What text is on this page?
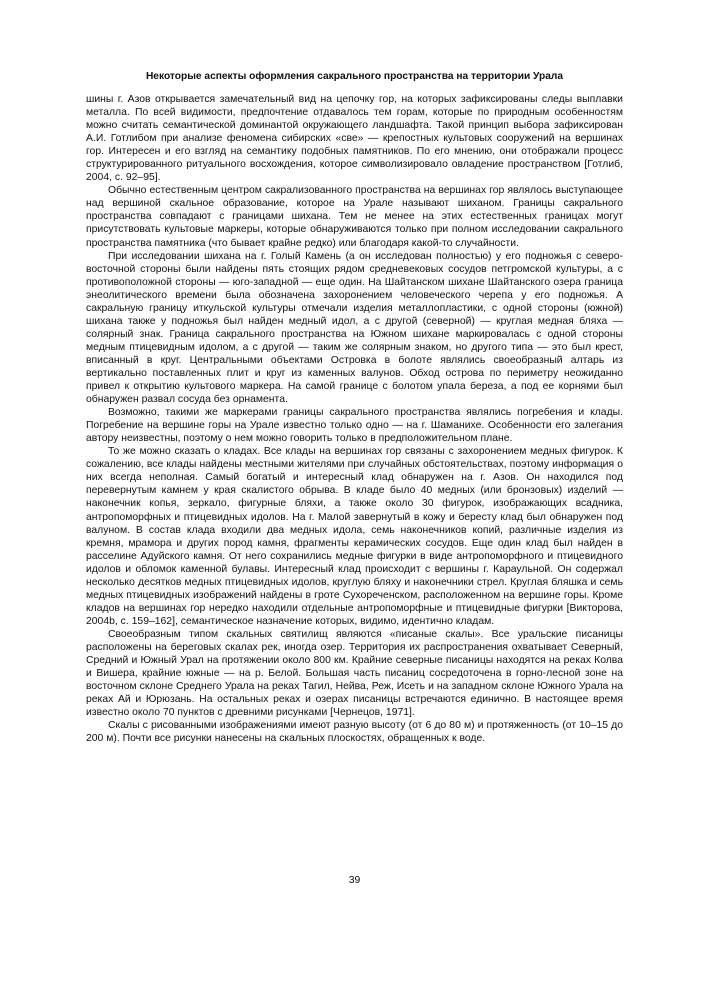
Некоторые аспекты оформления сакрального пространства на территории Урала

шины г. Азов открывается замечательный вид на цепочку гор, на которых зафиксированы следы выплавки металла. По всей видимости, предпочтение отдавалось тем горам, которые по природным особенностям можно считать семантической доминантой окружающего ландшафта. Такой принцип выбора зафиксирован А.И. Готлибом при анализе феномена сибирских «све» — крепостных культовых сооружений на вершинах гор. Интересен и его взгляд на семантику подобных памятников. По его мнению, они отображали процесс структурированного ритуального восхождения, которое символизировало овладение пространством [Готлиб, 2004, с. 92–95].

Обычно естественным центром сакрализованного пространства на вершинах гор являлось выступающее над вершиной скальное образование, которое на Урале называют шиханом. Границы сакрального пространства совпадают с границами шихана. Тем не менее на этих естественных границах могут присутствовать культовые маркеры, которые обнаруживаются только при полном исследовании сакрального пространства памятника (что бывает крайне редко) или благодаря какой-то случайности.

При исследовании шихана на г. Голый Камень (а он исследован полностью) у его подножья с северо-восточной стороны были найдены пять стоящих рядом средневековых сосудов петгромской культуры, а с противоположной стороны — юго-западной — еще один. На Шайтанском шихане Шайтанского озера граница энеолитического времени была обозначена захоронением человеческого черепа у его подножья. А сакральную границу иткульской культуры отмечали изделия металлопластики, с одной стороны (южной) шихана также у подножья был найден медный идол, а с другой (северной) — круглая медная бляха — солярный знак. Граница сакрального пространства на Южном шихане маркировалась с одной стороны медным птицевидным идолом, а с другой — таким же солярным знаком, но другого типа — это был крест, вписанный в круг. Центральными объектами Островка в болоте являлись своеобразный алтарь из вертикально поставленных плит и круг из каменных валунов. Обход острова по периметру неожиданно привел к открытию культового маркера. На самой границе с болотом упала береза, а под ее корнями был обнаружен развал сосуда без орнамента.

Возможно, такими же маркерами границы сакрального пространства являлись погребения и клады. Погребение на вершине горы на Урале известно только одно — на г. Шаманихе. Особенности его залегания автору неизвестны, поэтому о нем можно говорить только в предположительном плане.

То же можно сказать о кладах. Все клады на вершинах гор связаны с захоронением медных фигурок. К сожалению, все клады найдены местными жителями при случайных обстоятельствах, поэтому информация о них всегда неполная. Самый богатый и интересный клад обнаружен на г. Азов. Он находился под перевернутым камнем у края скалистого обрыва. В кладе было 40 медных (или бронзовых) изделий — наконечник копья, зеркало, фигурные бляхи, а также около 30 фигурок, изображающих всадника, антропоморфных и птицевидных идолов. На г. Малой завернутый в кожу и бересту клад был обнаружен под валуном. В состав клада входили два медных идола, семь наконечников копий, различные изделия из кремня, мрамора и других пород камня, фрагменты керамических сосудов. Еще один клад был найден в расселине Адуйского камня. От него сохранились медные фигурки в виде антропоморфного и птицевидного идолов и обломок каменной булавы. Интересный клад происходит с вершины г. Караульной. Он содержал несколько десятков медных птицевидных идолов, круглую бляху и наконечники стрел. Круглая бляшка и семь медных птицевидных изображений найдены в гроте Сухореченском, расположенном на вершине горы. Кроме кладов на вершинах гор нередко находили отдельные антропоморфные и птицевидные фигурки [Викторова, 2004b, с. 159–162], семантическое назначение которых, видимо, идентично кладам.

Своеобразным типом скальных святилищ являются «писаные скалы». Все уральские писаницы расположены на береговых скалах рек, иногда озер. Территория их распространения охватывает Северный, Средний и Южный Урал на протяжении около 800 км. Крайние северные писаницы находятся на реках Колва и Вишера, крайние южные — на р. Белой. Большая часть писаниц сосредоточена в горно-лесной зоне на восточном склоне Среднего Урала на реках Тагил, Нейва, Реж, Исеть и на западном склоне Южного Урала на реках Ай и Юрюзань. На остальных реках и озерах писаницы встречаются единично. В настоящее время известно около 70 пунктов с древними рисунками [Чернецов, 1971].

Скалы с рисованными изображениями имеют разную высоту (от 6 до 80 м) и протяженность (от 10–15 до 200 м). Почти все рисунки нанесены на скальных плоскостях, обращенных к воде.

39
